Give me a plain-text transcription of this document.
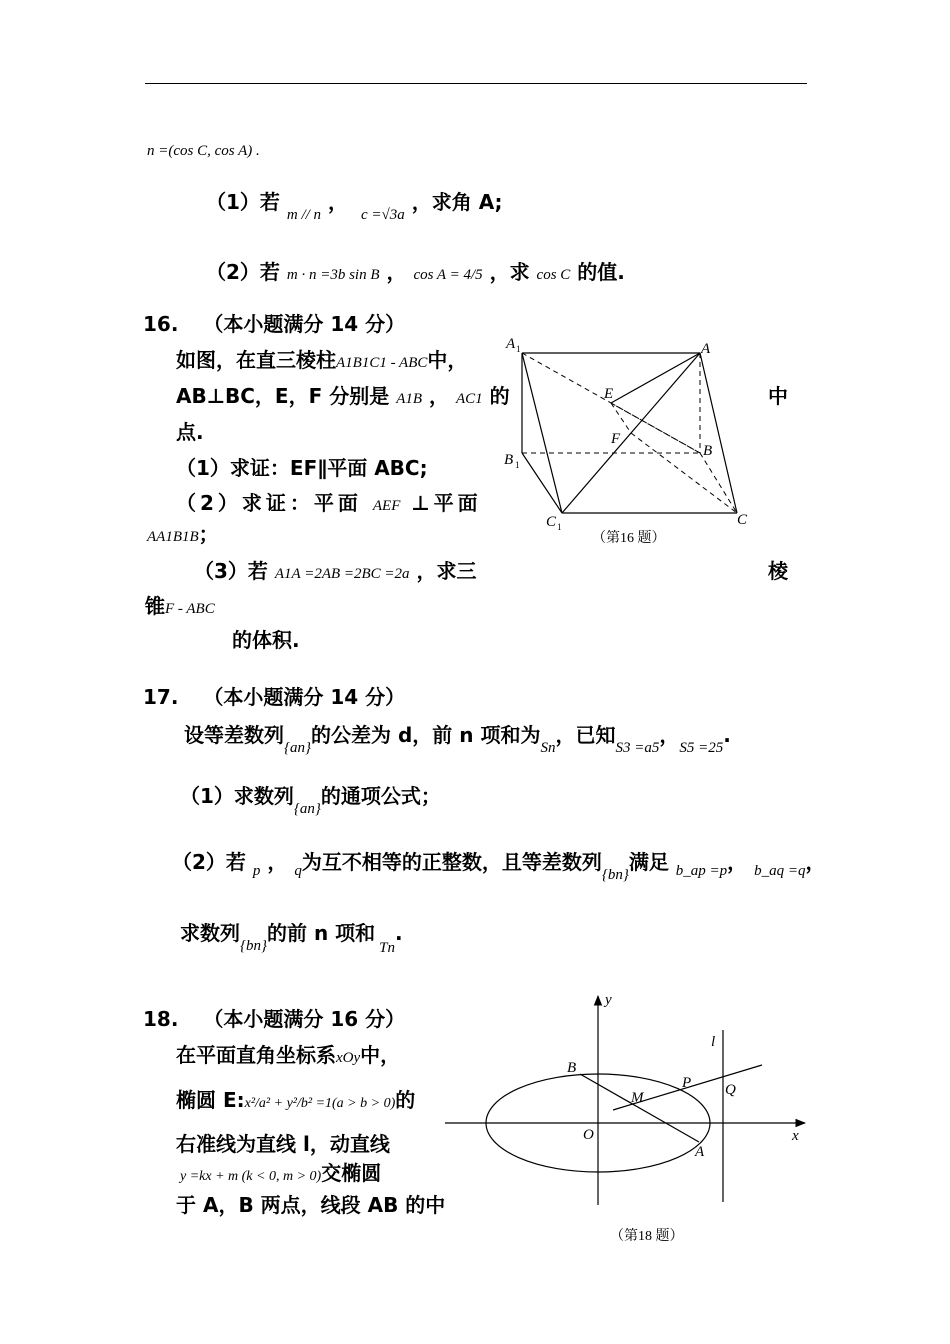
n =(cos C, cos A) .
（1）若 $_{m // n}$ ， $_{c =√3a}$ ，求角 A;
（2）若 m · n =3b sin B ， cos A = 4/5 ，求 cos C 的值.
16. （本小题满分 14 分）
如图，在直三棱柱A1B1C1 - ABC中，
AB⊥BC，E，F 分别是 A1B ， AC1 的	中
点.
（1）求证：EF∥平面 ABC;
（2）求证：平面 AEF ⊥平面
AA1B1B；
（3）若 A1A =2AB =2BC =2a ，求三	棱
锥F - ABC
的体积.
A 1	A
E
F
B
B 1
C 1	C
（第16 题）
17. （本小题满分 14 分）
设等差数列$_{\{an\}}$的公差为 d，前 n 项和为$_{Sn}$，已知$_{S3 =a5}$，$_{S5 =25}$.
（1）求数列$_{\{an\}}$的通项公式；
（2）若 $_p$ ， $_q$为互不相等的正整数，且等差数列$_{\{bn\}}$满足 $_{b\_ap =p}$， $_{b\_aq =q}$，
求数列$_{\{bn\}}$的前 n 项和$_{Tn}$.
18. （本小题满分 16 分）
在平面直角坐标系xOy中，
椭圆 E:x²/a² + y²/b² =1(a > b > 0)的
右准线为直线 l，动直线
y =kx + m (k < 0, m > 0)交椭圆
于 A，B 两点，线段 AB 的中
y
x
O
l
B
P Q
M
A
（第18 题）
